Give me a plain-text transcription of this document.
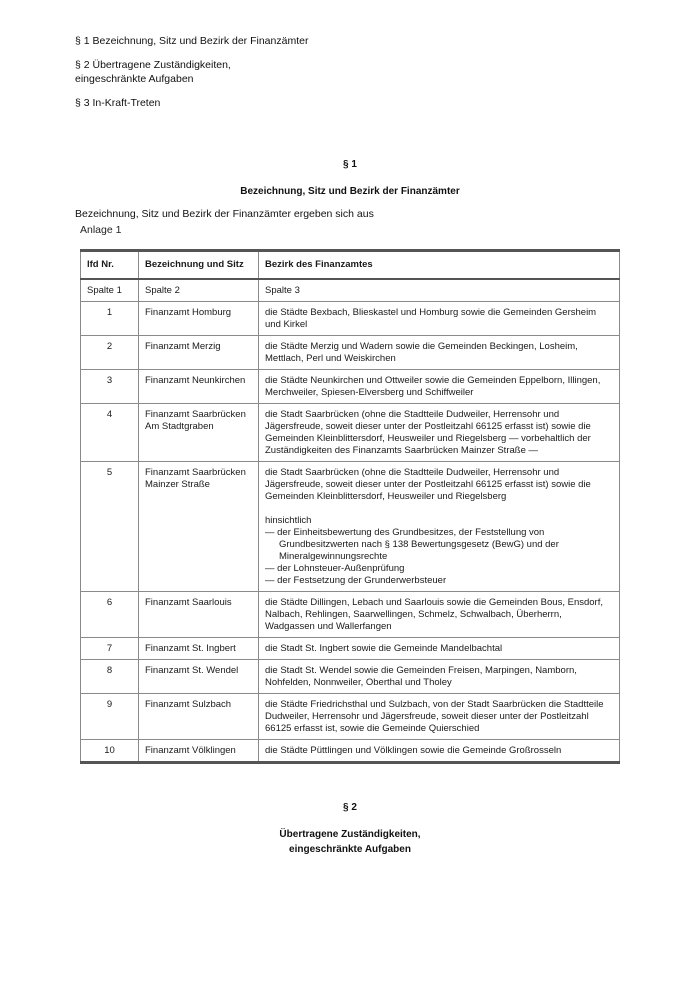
§ 1 Bezeichnung, Sitz und Bezirk der Finanzämter
§ 2 Übertragene Zuständigkeiten, eingeschränkte Aufgaben
§ 3 In-Kraft-Treten
§ 1
Bezeichnung, Sitz und Bezirk der Finanzämter
Bezeichnung, Sitz und Bezirk der Finanzämter ergeben sich aus
Anlage 1
lfd Nr.	Bezeichnung und Sitz	Bezirk des Finanzamtes
Spalte 1	Spalte 2	Spalte 3
1	Finanzamt Homburg	die Städte Bexbach, Blieskastel und Homburg sowie die Gemeinden Gersheim und Kirkel
2	Finanzamt Merzig	die Städte Merzig und Wadern sowie die Gemeinden Beckingen, Losheim, Mettlach, Perl und Weiskirchen
3	Finanzamt Neunkirchen	die Städte Neunkirchen und Ottweiler sowie die Gemeinden Eppelborn, Illingen, Merchweiler, Spiesen-Elversberg und Schiffweiler
4	Finanzamt Saarbrücken Am Stadtgraben	die Stadt Saarbrücken (ohne die Stadtteile Dudweiler, Herrensohr und Jägersfreude, soweit dieser unter der Postleitzahl 66125 erfasst ist) sowie die Gemeinden Kleinblittersdorf, Heusweiler und Riegelsberg — vorbehaltlich der Zuständigkeiten des Finanzamts Saarbrücken Mainzer Straße —
5	Finanzamt Saarbrücken Mainzer Straße	die Stadt Saarbrücken (ohne die Stadtteile Dudweiler, Herrensohr und Jägersfreude, soweit dieser unter der Postleitzahl 66125 erfasst ist) sowie die Gemeinden Kleinblittersdorf, Heusweiler und Riegelsberg
hinsichtlich
— der Einheitsbewertung des Grundbesitzes, der Feststellung von Grundbesitzwerten nach § 138 Bewertungsgesetz (BewG) und der Mineralgewinnungsrechte
— der Lohnsteuer-Außenprüfung
— der Festsetzung der Grunderwerbsteuer

6	Finanzamt Saarlouis	die Städte Dillingen, Lebach und Saarlouis sowie die Gemeinden Bous, Ensdorf, Nalbach, Rehlingen, Saarwellingen, Schmelz, Schwalbach, Überherrn, Wadgassen und Wallerfangen
7	Finanzamt St. Ingbert	die Stadt St. Ingbert sowie die Gemeinde Mandelbachtal
8	Finanzamt St. Wendel	die Stadt St. Wendel sowie die Gemeinden Freisen, Marpingen, Namborn, Nohfelden, Nonnweiler, Oberthal und Tholey
9	Finanzamt Sulzbach	die Städte Friedrichsthal und Sulzbach, von der Stadt Saarbrücken die Stadtteile Dudweiler, Herrensohr und Jägersfreude, soweit dieser unter der Postleitzahl 66125 erfasst ist, sowie die Gemeinde Quierschied
10	Finanzamt Völklingen	die Städte Püttlingen und Völklingen sowie die Gemeinde Großrosseln
§ 2
Übertragene Zuständigkeiten,
eingeschränkte Aufgaben
